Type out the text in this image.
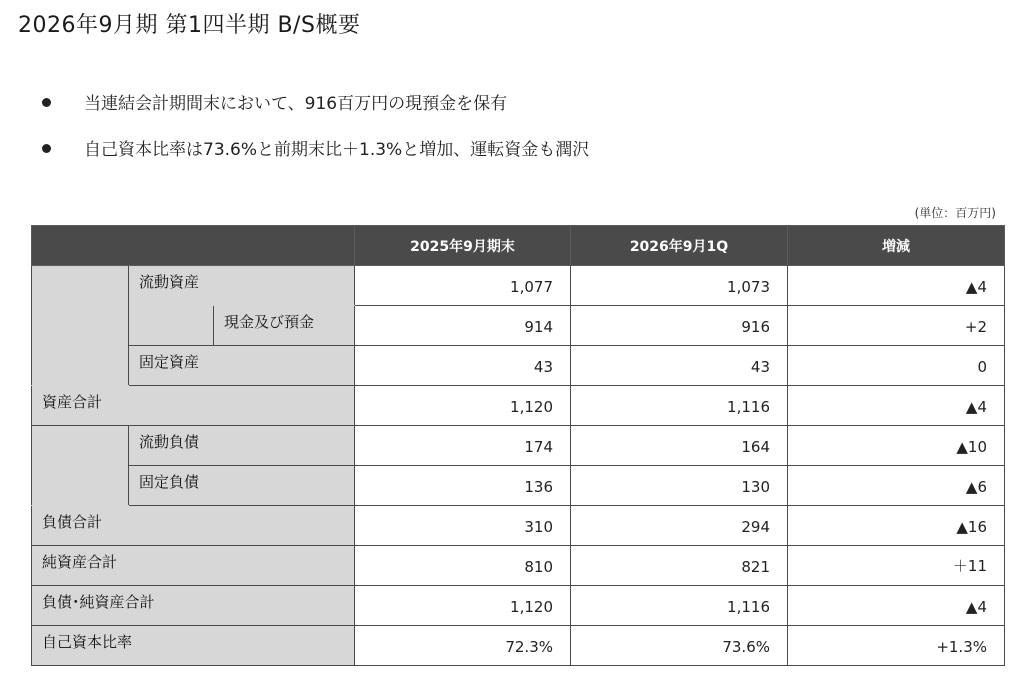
2026年9月期 第1四半期 B/S概要
当連結会計期間末において、916百万円の現預金を保有
自己資本比率は73.6%と前期末比＋1.3%と増加、運転資金も潤沢
(単位：百万円)
			2025年9月期末	2026年9月1Q	増減
	流動資産		1,077	1,073	▲4
		現金及び預金	914	916	+2
	固定資産		43	43	0
資産合計			1,120	1,116	▲4
	流動負債		174	164	▲10
	固定負債		136	130	▲6
負債合計			310	294	▲16
純資産合計			810	821	＋11
負債･純資産合計			1,120	1,116	▲4
自己資本比率			72.3%	73.6%	+1.3%
